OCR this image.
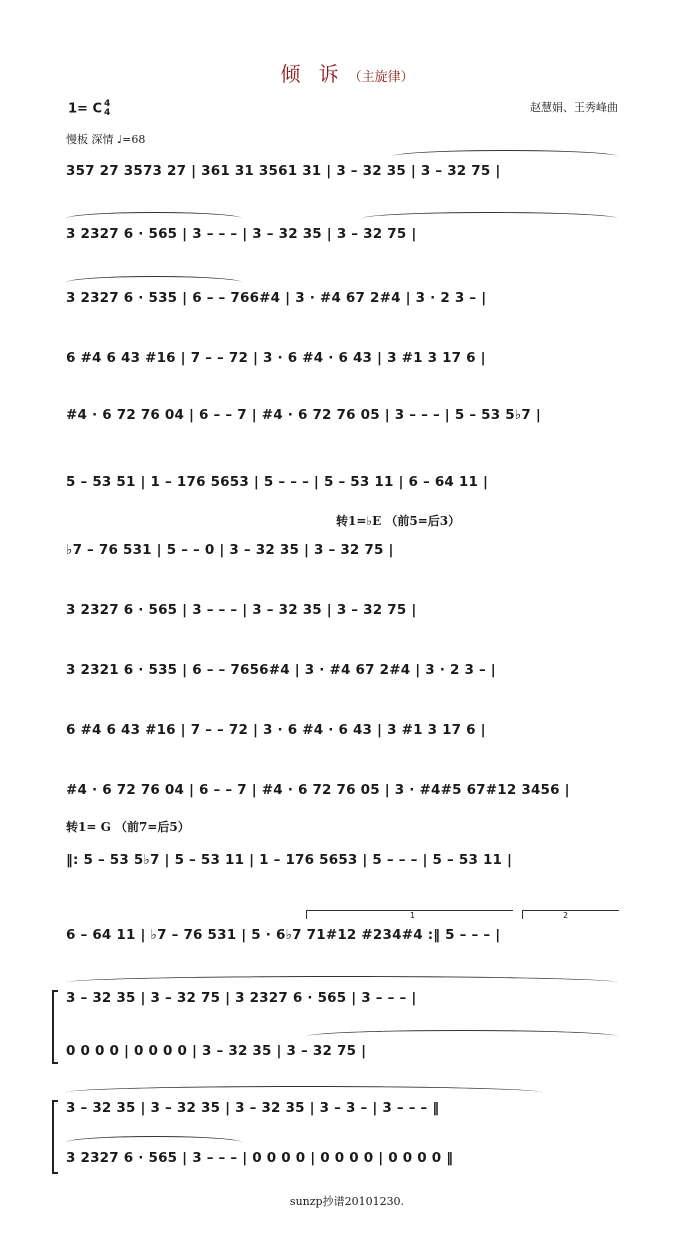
倾 诉 （主旋律）
1= C 4
4	赵慧娟、王秀峰曲
慢板 深情 ♩=68
357 27 3573 27 | 361 31 3561 31 | 3 – 32 35 | 3 – 32 75 |
3 2327 6 · 565 | 3 – – – | 3 – 32 35 | 3 – 32 75 |
3 2327 6 · 535 | 6 – – 766#4 | 3 · #4 67 2#4 | 3 · 2 3 – |
6 #4 6 43 #16 | 7 – – 72 | 3 · 6 #4 · 6 43 | 3 #1 3 17 6 |
#4 · 6 72 76 04 | 6 – – 7 | #4 · 6 72 76 05 | 3 – – – | 5 – 53 5♭7 |
5 – 53 51 | 1 – 176 5653 | 5 – – – | 5 – 53 11 | 6 – 64 11 |
转1=♭E （前5=后3）
♭7 – 76 531 | 5 – – 0 | 3 – 32 35 | 3 – 32 75 |
3 2327 6 · 565 | 3 – – – | 3 – 32 35 | 3 – 32 75 |
3 2321 6 · 535 | 6 – – 7656#4 | 3 · #4 67 2#4 | 3 · 2 3 – |
6 #4 6 43 #16 | 7 – – 72 | 3 · 6 #4 · 6 43 | 3 #1 3 17 6 |
#4 · 6 72 76 04 | 6 – – 7 | #4 · 6 72 76 05 | 3 · #4#5 67#12 3456 |
转1= G （前7=后5）
‖: 5 – 53 5♭7 | 5 – 53 11 | 1 – 176 5653 | 5 – – – | 5 – 53 11 |
1	2
6 – 64 11 | ♭7 – 76 531 | 5 · 6♭7 71#12 #234#4 :‖ 5 – – – |
3 – 32 35 | 3 – 32 75 | 3 2327 6 · 565 | 3 – – – |
0 0 0 0 | 0 0 0 0 | 3 – 32 35 | 3 – 32 75 |
3 – 32 35 | 3 – 32 35 | 3 – 32 35 | 3 – 3 – | 3 – – – ‖
3 2327 6 · 565 | 3 – – – | 0 0 0 0 | 0 0 0 0 | 0 0 0 0 ‖
sunzp抄谱20101230.
